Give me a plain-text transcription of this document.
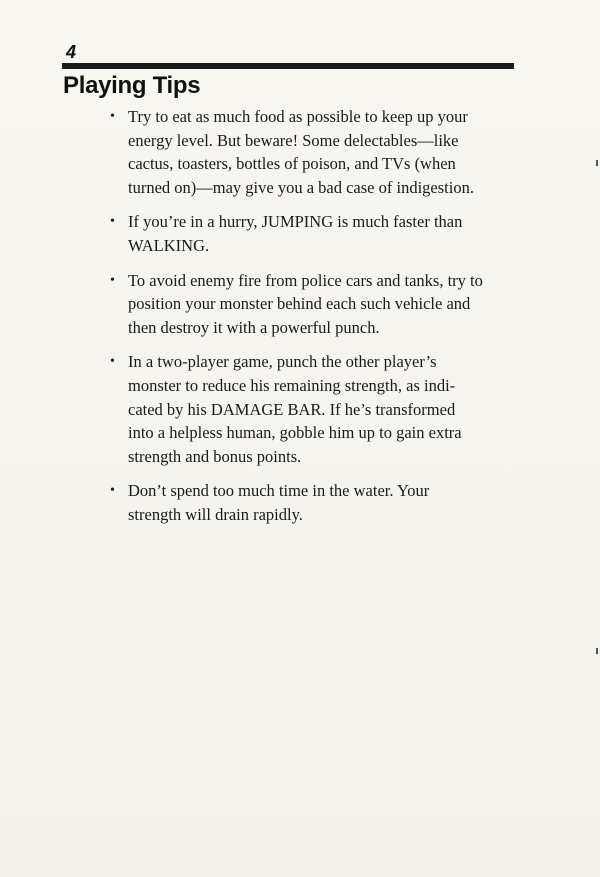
4
Playing Tips
• Try to eat as much food as possible to keep up your
energy level. But beware! Some delectables—like
cactus, toasters, bottles of poison, and TVs (when
turned on)—may give you a bad case of indigestion.
• If you’re in a hurry, JUMPING is much faster than
WALKING.
• To avoid enemy fire from police cars and tanks, try to
position your monster behind each such vehicle and
then destroy it with a powerful punch.
• In a two-player game, punch the other player’s
monster to reduce his remaining strength, as indi-
cated by his DAMAGE BAR. If he’s transformed
into a helpless human, gobble him up to gain extra
strength and bonus points.
• Don’t spend too much time in the water. Your
strength will drain rapidly.
